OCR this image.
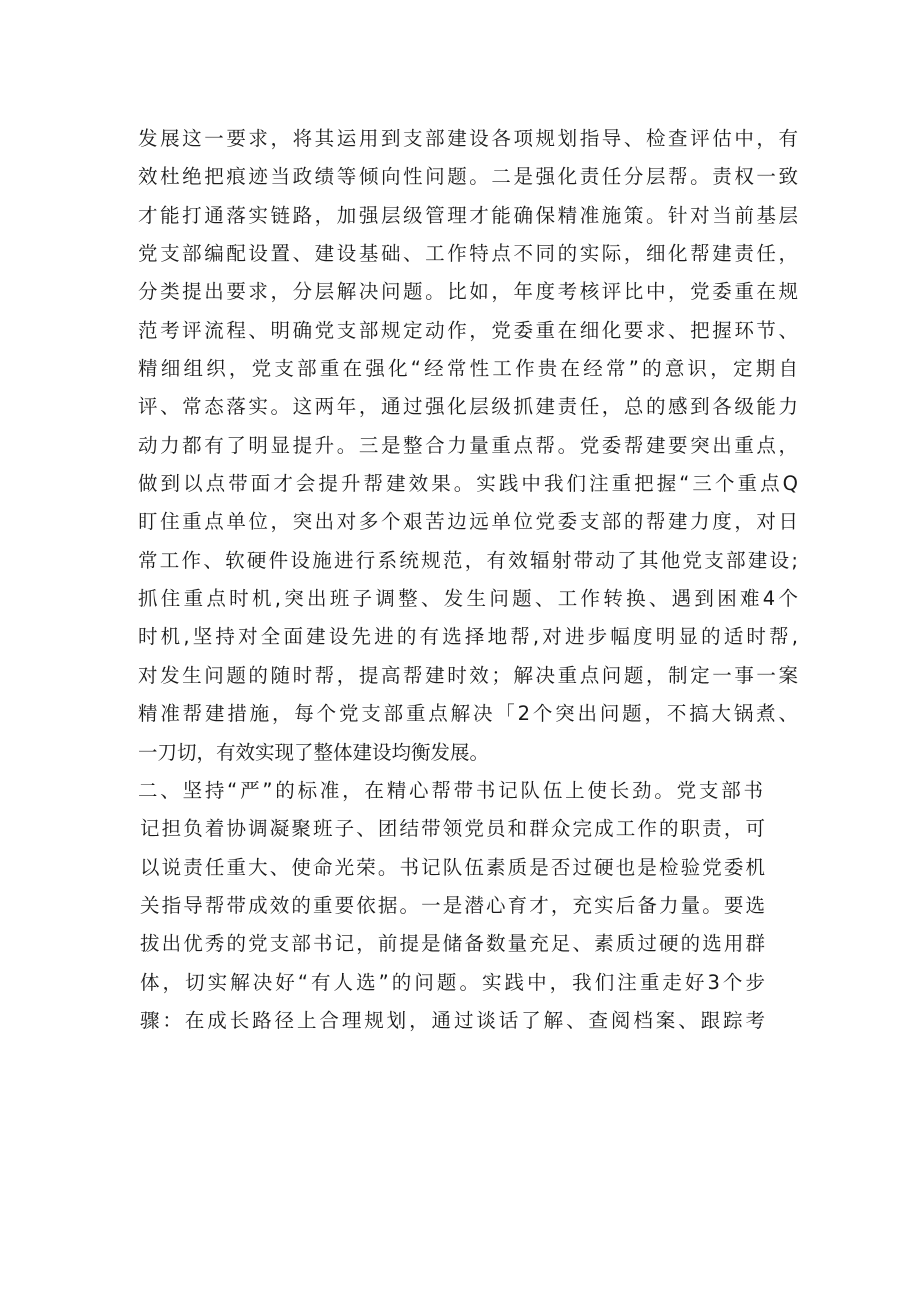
发展这一要求，将其运用到支部建设各项规划指导、检查评估中，有
效杜绝把痕迹当政绩等倾向性问题。二是强化责任分层帮。责权一致
才能打通落实链路，加强层级管理才能确保精准施策。针对当前基层
党支部编配设置、建设基础、工作特点不同的实际，细化帮建责任，
分类提出要求，分层解决问题。比如，年度考核评比中，党委重在规
范考评流程、明确党支部规定动作，党委重在细化要求、把握环节、
精细组织，党支部重在强化“经常性工作贵在经常”的意识，定期自
评、常态落实。这两年，通过强化层级抓建责任，总的感到各级能力
动力都有了明显提升。三是整合力量重点帮。党委帮建要突出重点，
做到以点带面才会提升帮建效果。实践中我们注重把握“三个重点Q
盯住重点单位，突出对多个艰苦边远单位党委支部的帮建力度，对日
常工作、软硬件设施进行系统规范，有效辐射带动了其他党支部建设;
抓住重点时机,突出班子调整、发生问题、工作转换、遇到困难4个
时机,坚持对全面建设先进的有选择地帮,对进步幅度明显的适时帮,
对发生问题的随时帮，提高帮建时效；解决重点问题，制定一事一案
精准帮建措施，每个党支部重点解决「2个突出问题，不搞大锅煮、
一刀切，有效实现了整体建设均衡发展。
二、坚持“严”的标准，在精心帮带书记队伍上使长劲。党支部书
记担负着协调凝聚班子、团结带领党员和群众完成工作的职责，可
以说责任重大、使命光荣。书记队伍素质是否过硬也是检验党委机
关指导帮带成效的重要依据。一是潜心育才，充实后备力量。要选
拔出优秀的党支部书记，前提是储备数量充足、素质过硬的选用群
体，切实解决好“有人选”的问题。实践中，我们注重走好3个步
骤：在成长路径上合理规划，通过谈话了解、查阅档案、跟踪考
